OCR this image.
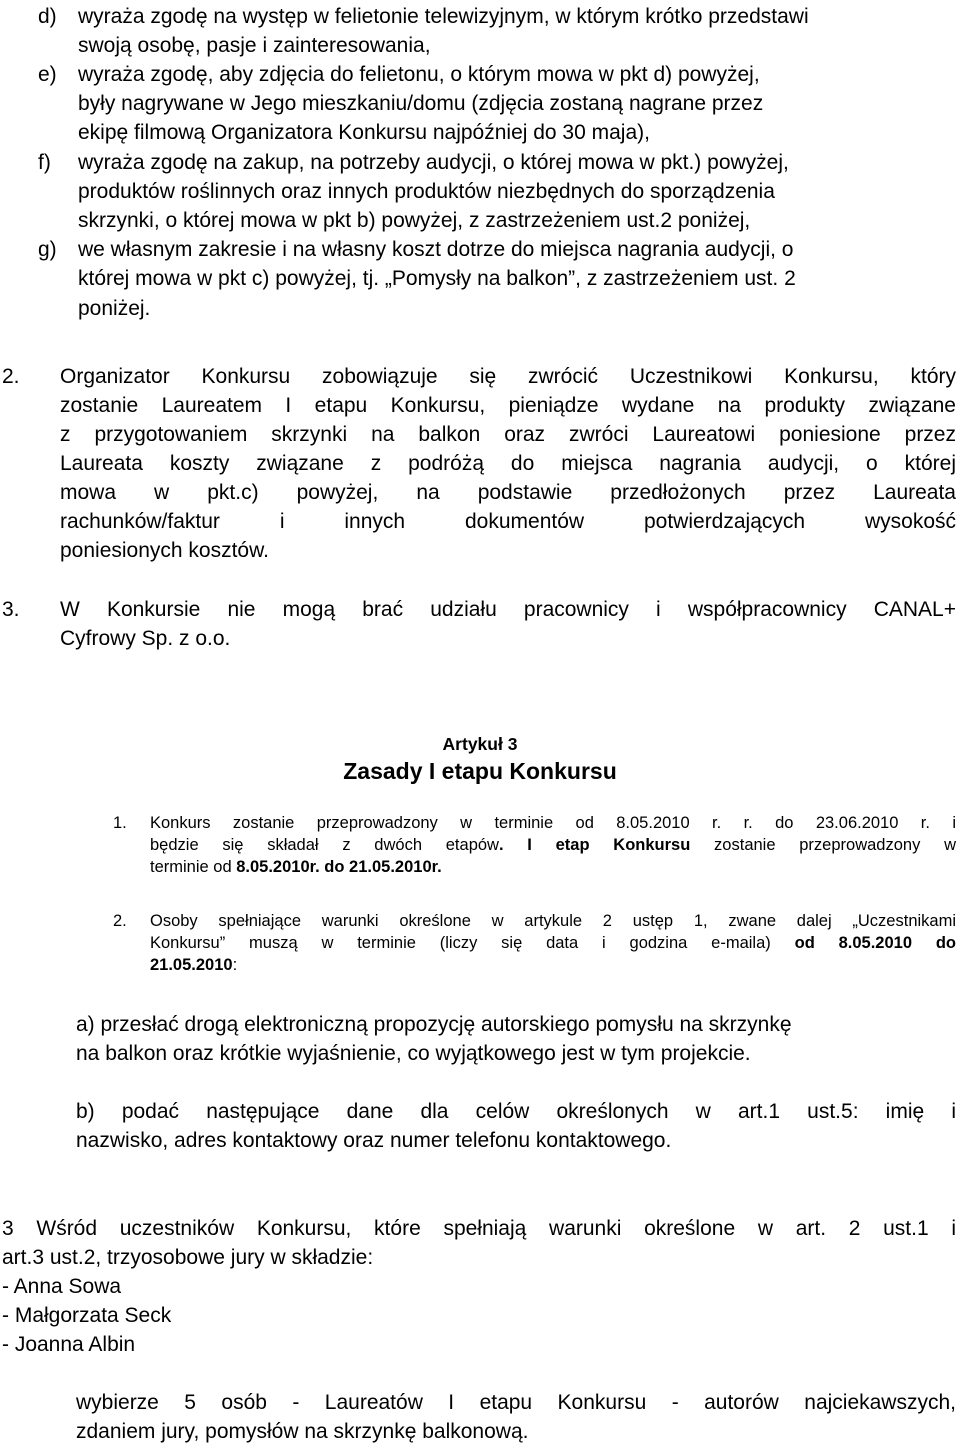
d) wyraża zgodę na występ w felietonie telewizyjnym, w którym krótko przedstawi

swoją osobę, pasje i zainteresowania,

e) wyraża zgodę, aby zdjęcia do felietonu, o którym mowa w pkt d) powyżej,

były nagrywane w Jego mieszkaniu/domu (zdjęcia zostaną nagrane przez

ekipę filmową Organizatora Konkursu najpóźniej do 30 maja),

f) wyraża zgodę na zakup, na potrzeby audycji, o której mowa w pkt.) powyżej,

produktów roślinnych oraz innych produktów niezbędnych do sporządzenia

skrzynki, o której mowa w pkt b) powyżej, z zastrzeżeniem ust.2 poniżej,

g) we własnym zakresie i na własny koszt dotrze do miejsca nagrania audycji, o

której mowa w pkt c) powyżej, tj. „Pomysły na balkon”, z zastrzeżeniem ust. 2

poniżej.

2. Organizator Konkursu zobowiązuje się zwrócić Uczestnikowi Konkursu, który

zostanie Laureatem I etapu Konkursu, pieniądze wydane na produkty związane

z przygotowaniem skrzynki na balkon oraz zwróci Laureatowi poniesione przez

Laureata koszty związane z podróżą do miejsca nagrania audycji, o której

mowa w pkt.c) powyżej, na podstawie przedłożonych przez Laureata

rachunków/faktur i innych dokumentów potwierdzających wysokość

poniesionych kosztów.

3. W Konkursie nie mogą brać udziału pracownicy i współpracownicy CANAL+

Cyfrowy Sp. z o.o.

Artykuł 3

Zasady I etapu Konkursu

1. Konkurs zostanie przeprowadzony w terminie od 8.05.2010 r. r. do 23.06.2010 r. i

będzie się składał z dwóch etapów. I etap Konkursu zostanie przeprowadzony w

terminie od 8.05.2010r. do 21.05.2010r.

2. Osoby spełniające warunki określone w artykule 2 ustęp 1, zwane dalej „Uczestnikami

Konkursu” muszą w terminie (liczy się data i godzina e-maila) od 8.05.2010 do

21.05.2010:

a) przesłać drogą elektroniczną propozycję autorskiego pomysłu na skrzynkę

na balkon oraz krótkie wyjaśnienie, co wyjątkowego jest w tym projekcie.

b) podać następujące dane dla celów określonych w art.1 ust.5: imię i

nazwisko, adres kontaktowy oraz numer telefonu kontaktowego.

3 Wśród uczestników Konkursu, które spełniają warunki określone w art. 2 ust.1 i

art.3 ust.2, trzyosobowe jury w składzie:

- Anna Sowa

- Małgorzata Seck

- Joanna Albin

wybierze 5 osób - Laureatów I etapu Konkursu - autorów najciekawszych,

zdaniem jury, pomysłów na skrzynkę balkonową.
